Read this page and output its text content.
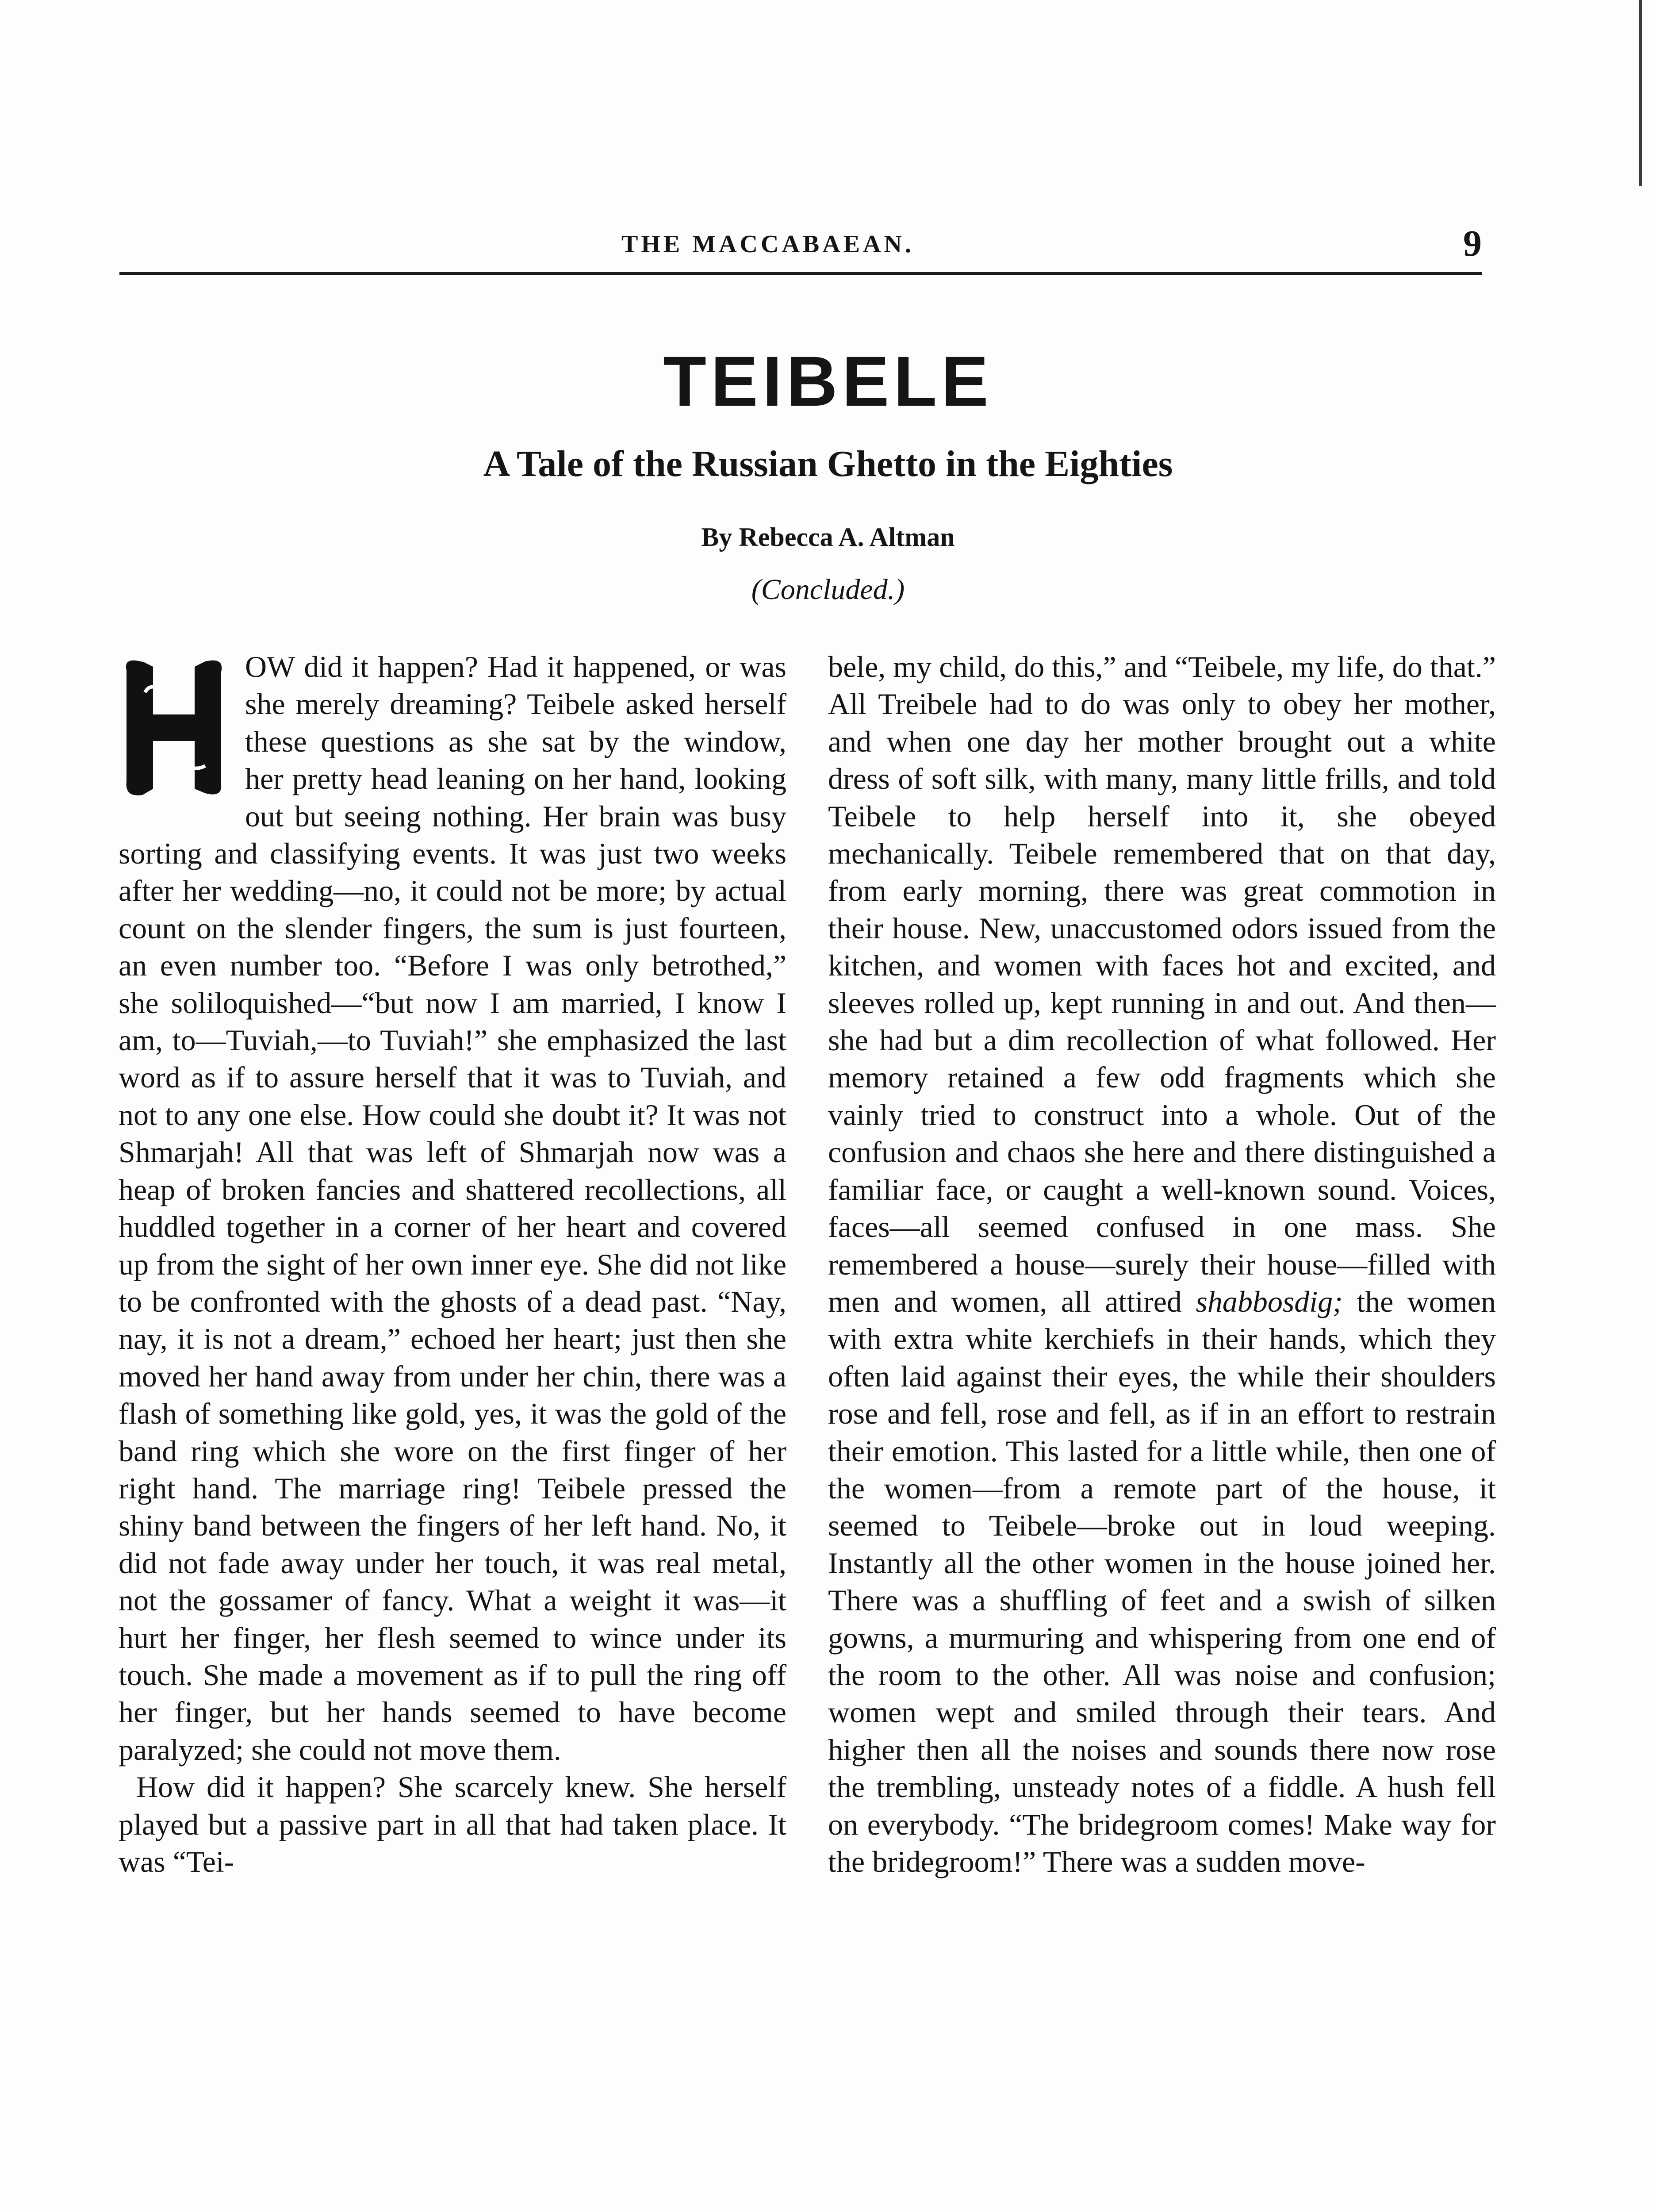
THE MACCABAEAN.	9
TEIBELE
A Tale of the Russian Ghetto in the Eighties
By Rebecca A. Altman
(Concluded.)

OW did it happen? Had it happened, or was she merely dreaming? Teibele asked herself these questions as she sat by the window, her pretty head leaning on her hand, looking out but seeing nothing. Her brain was busy sorting and classifying events. It was just two weeks after her wedding—no, it could not be more; by actual count on the slender fingers, the sum is just fourteen, an even number too. “Before I was only betrothed,” she soliloquished—“but now I am married, I know I am, to—Tuviah,—to Tuviah!” she emphasized the last word as if to assure herself that it was to Tuviah, and not to any one else. How could she doubt it? It was not Shmarjah! All that was left of Shmarjah now was a heap of broken fancies and shattered recollections, all huddled together in a corner of her heart and covered up from the sight of her own inner eye. She did not like to be confronted with the ghosts of a dead past. “Nay, nay, it is not a dream,” echoed her heart; just then she moved her hand away from under her chin, there was a flash of something like gold, yes, it was the gold of the band ring which she wore on the first finger of her right hand. The marriage ring! Teibele pressed the shiny band between the fingers of her left hand. No, it did not fade away under her touch, it was real metal, not the gossamer of fancy. What a weight it was—it hurt her finger, her flesh seemed to wince under its touch. She made a movement as if to pull the ring off her finger, but her hands seemed to have become paralyzed; she could not move them.

How did it happen? She scarcely knew. She herself played but a passive part in all that had taken place. It was “Tei-

bele, my child, do this,” and “Teibele, my life, do that.” All Treibele had to do was only to obey her mother, and when one day her mother brought out a white dress of soft silk, with many, many little frills, and told Teibele to help herself into it, she obeyed mechanically. Teibele remembered that on that day, from early morning, there was great commotion in their house. New, unaccustomed odors issued from the kitchen, and women with faces hot and excited, and sleeves rolled up, kept running in and out. And then—she had but a dim recollection of what followed. Her memory retained a few odd fragments which she vainly tried to construct into a whole. Out of the confusion and chaos she here and there distinguished a familiar face, or caught a well-known sound. Voices, faces—all seemed confused in one mass. She remembered a house—surely their house—filled with men and women, all attired shabbosdig; the women with extra white kerchiefs in their hands, which they often laid against their eyes, the while their shoulders rose and fell, rose and fell, as if in an effort to restrain their emotion. This lasted for a little while, then one of the women—from a remote part of the house, it seemed to Teibele—broke out in loud weeping. Instantly all the other women in the house joined her. There was a shuffling of feet and a swish of silken gowns, a murmuring and whispering from one end of the room to the other. All was noise and confusion; women wept and smiled through their tears. And higher then all the noises and sounds there now rose the trembling, unsteady notes of a fiddle. A hush fell on everybody. “The bridegroom comes! Make way for the bridegroom!” There was a sudden move-
